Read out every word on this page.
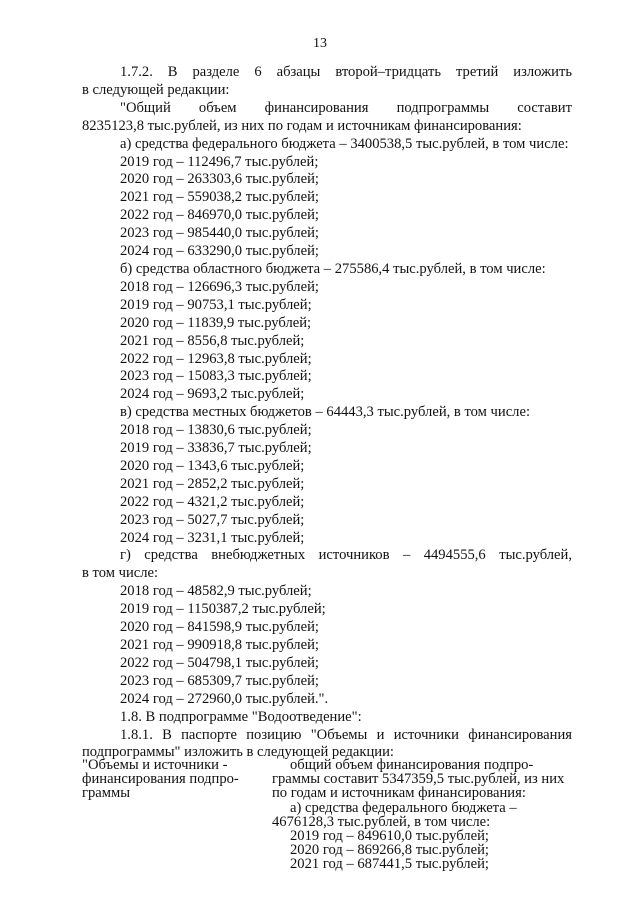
13

1.7.2. В разделе 6 абзацы второй–тридцать третий изложить

в следующей редакции:

"Общий объем финансирования подпрограммы составит

8235123,8 тыс.рублей, из них по годам и источникам финансирования:

а) средства федерального бюджета – 3400538,5 тыс.рублей, в том числе:

2019 год – 112496,7 тыс.рублей;

2020 год – 263303,6 тыс.рублей;

2021 год – 559038,2 тыс.рублей;

2022 год – 846970,0 тыс.рублей;

2023 год – 985440,0 тыс.рублей;

2024 год – 633290,0 тыс.рублей;

б) средства областного бюджета – 275586,4 тыс.рублей, в том числе:

2018 год – 126696,3 тыс.рублей;

2019 год – 90753,1 тыс.рублей;

2020 год – 11839,9 тыс.рублей;

2021 год – 8556,8 тыс.рублей;

2022 год – 12963,8 тыс.рублей;

2023 год – 15083,3 тыс.рублей;

2024 год – 9693,2 тыс.рублей;

в) средства местных бюджетов – 64443,3 тыс.рублей, в том числе:

2018 год – 13830,6 тыс.рублей;

2019 год – 33836,7 тыс.рублей;

2020 год – 1343,6 тыс.рублей;

2021 год – 2852,2 тыс.рублей;

2022 год – 4321,2 тыс.рублей;

2023 год – 5027,7 тыс.рублей;

2024 год – 3231,1 тыс.рублей;

г) средства внебюджетных источников – 4494555,6 тыс.рублей,

в том числе:

2018 год – 48582,9 тыс.рублей;

2019 год – 1150387,2 тыс.рублей;

2020 год – 841598,9 тыс.рублей;

2021 год – 990918,8 тыс.рублей;

2022 год – 504798,1 тыс.рублей;

2023 год – 685309,7 тыс.рублей;

2024 год – 272960,0 тыс.рублей.".

1.8. В подпрограмме "Водоотведение":

1.8.1. В паспорте позицию "Объемы и источники финансирования

подпрограммы" изложить в следующей редакции:

"Объемы и источники -

финансирования подпро-

граммы

общий объем финансирования подпро-

граммы составит 5347359,5 тыс.рублей, из них

по годам и источникам финансирования:

а) средства федерального бюджета –

4676128,3 тыс.рублей, в том числе:

2019 год – 849610,0 тыс.рублей;

2020 год – 869266,8 тыс.рублей;

2021 год – 687441,5 тыс.рублей;
